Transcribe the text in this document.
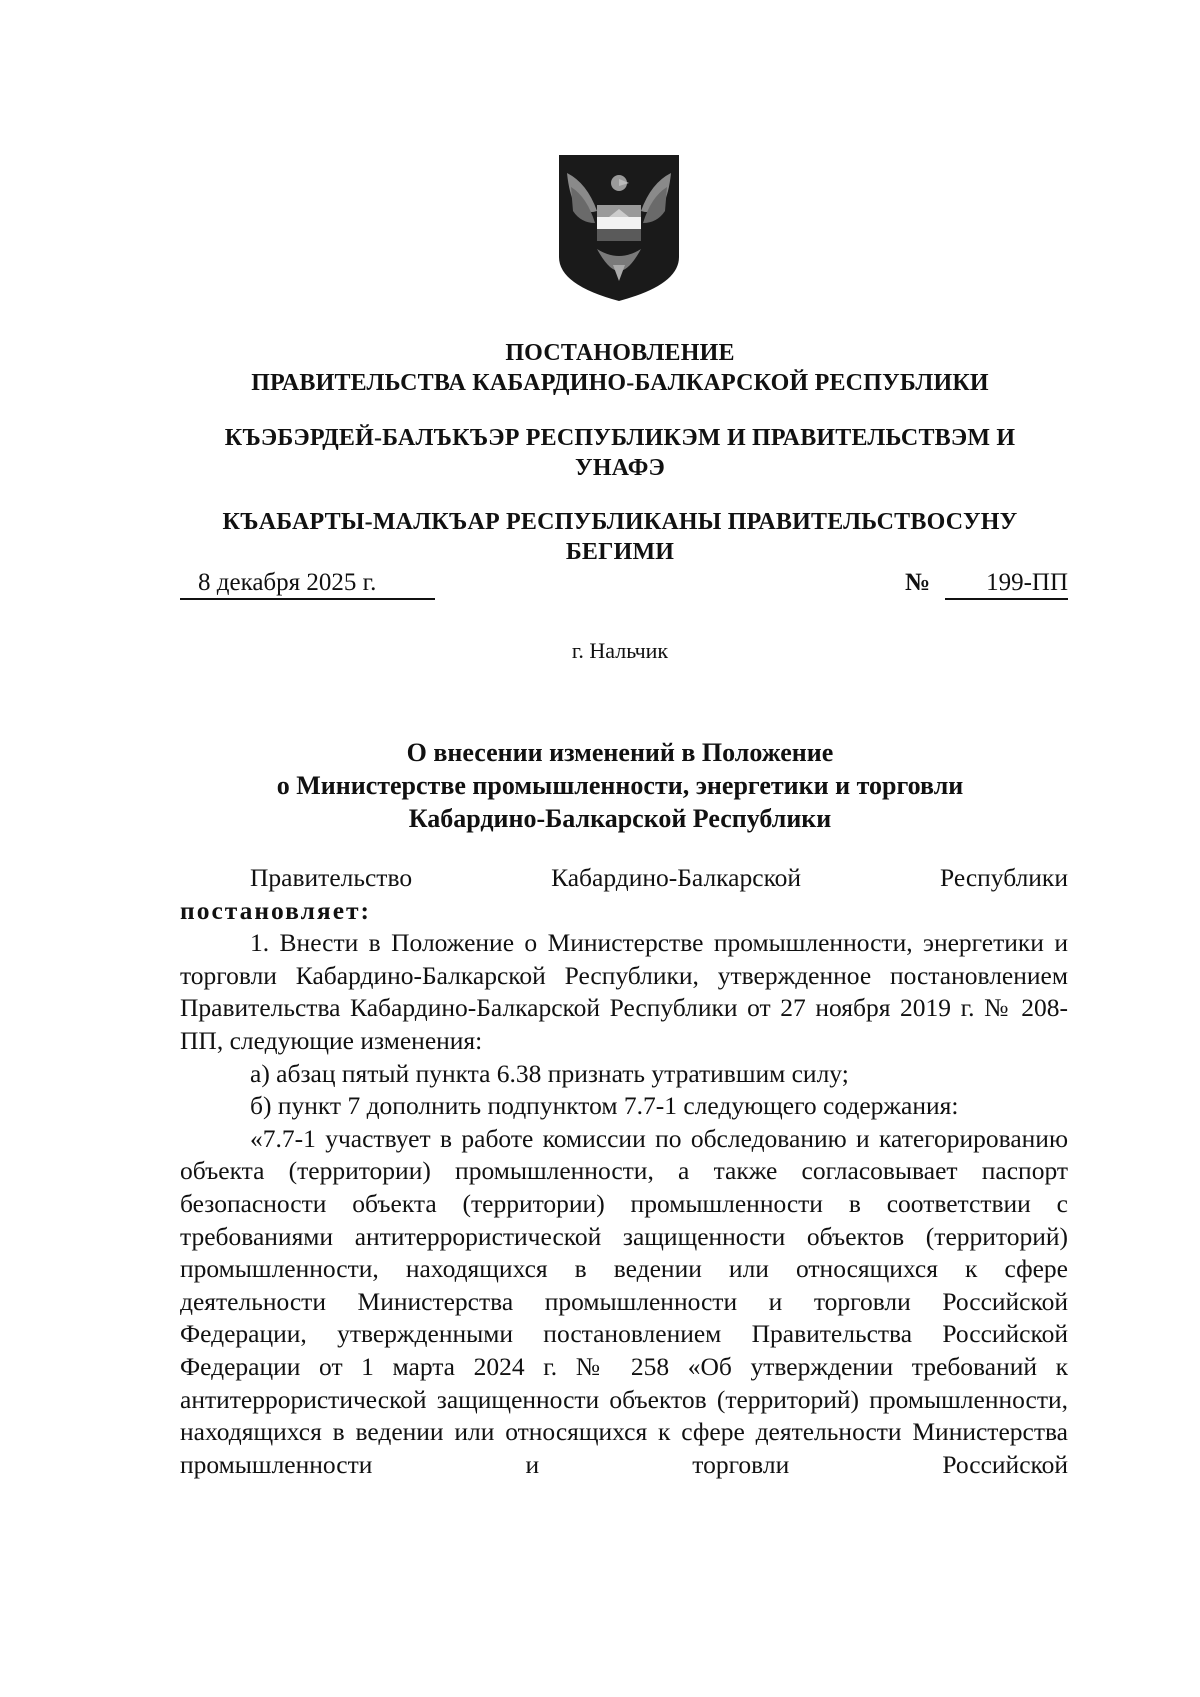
ПОСТАНОВЛЕНИЕ
ПРАВИТЕЛЬСТВА КАБАРДИНО-БАЛКАРСКОЙ РЕСПУБЛИКИ
КЪЭБЭРДЕЙ-БАЛЪКЪЭР РЕСПУБЛИКЭМ И ПРАВИТЕЛЬСТВЭМ И УНАФЭ
КЪАБАРТЫ-МАЛКЪАР РЕСПУБЛИКАНЫ ПРАВИТЕЛЬСТВОСУНУ БЕГИМИ
8 декабря 2025 г.	№	199-ПП
г. Нальчик
О внесении изменений в Положение
о Министерстве промышленности, энергетики и торговли
Кабардино-Балкарской Республики
Правительство	Кабардино-Балкарской	Республики

постановляет:

1. Внести в Положение о Министерстве промышленности, энергетики и торговли Кабардино-Балкарской Республики, утвержденное постановлением Правительства Кабардино-Балкарской Республики от 27 ноября 2019 г. № 208-ПП, следующие изменения:

а) абзац пятый пункта 6.38 признать утратившим силу;

б) пункт 7 дополнить подпунктом 7.7-1 следующего содержания:

«7.7-1 участвует в работе комиссии по обследованию и категорированию объекта (территории) промышленности, а также согласовывает паспорт безопасности объекта (территории) промышленности в соответствии с требованиями антитеррористической защищенности объектов (территорий) промышленности, находящихся в ведении или относящихся к сфере деятельности Министерства промышленности и торговли Российской Федерации, утвержденными постановлением Правительства Российской Федерации от 1 марта 2024 г. № 258 «Об утверждении требований к антитеррористической защищенности объектов (территорий) промышленности, находящихся в ведении или относящихся к сфере деятельности Министерства промышленности и торговли Российской
